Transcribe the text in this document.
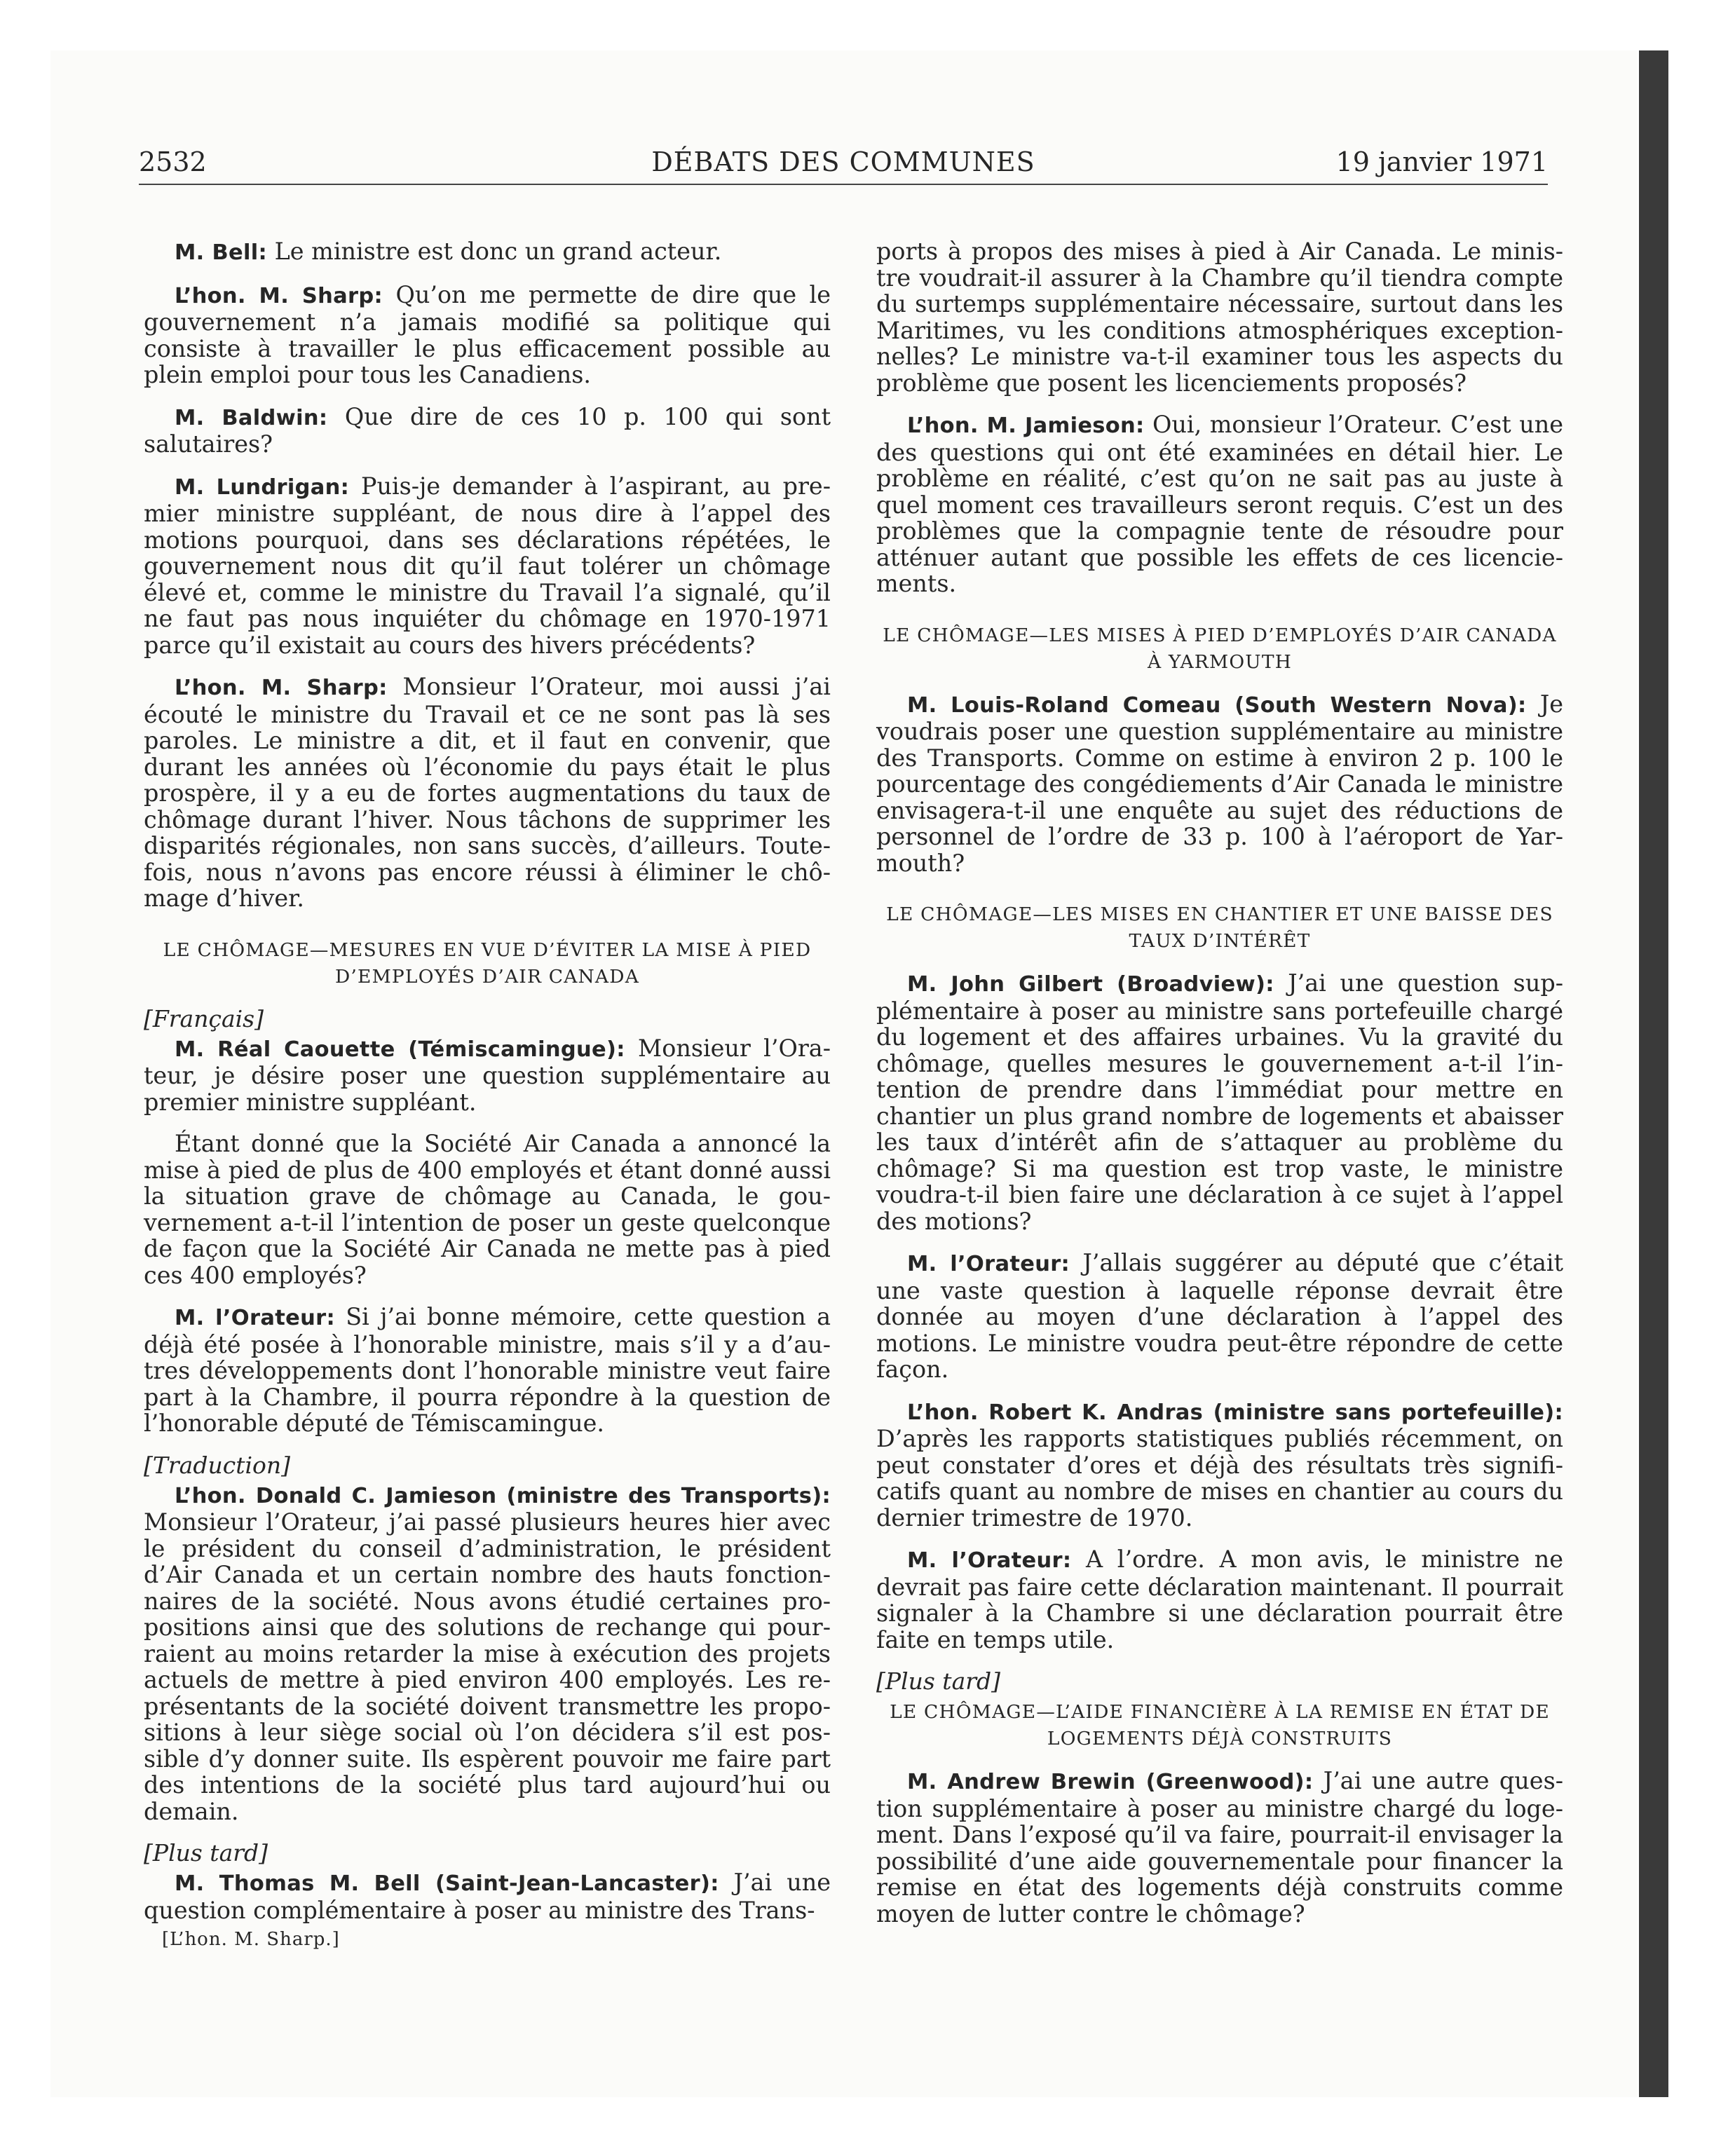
2532	DÉBATS DES COMMUNES	19 janvier 1971

M. Bell: Le ministre est donc un grand acteur.

L’hon. M. Sharp: Qu’on me permette de dire que le gouvernement n’a jamais modifié sa politique qui consiste à travailler le plus efficacement possible au plein emploi pour tous les Canadiens.

M. Baldwin: Que dire de ces 10 p. 100 qui sont salutaires?

M. Lundrigan: Puis-je demander à l’aspirant, au premier ministre suppléant, de nous dire à l’appel des motions pourquoi, dans ses déclarations répétées, le gouvernement nous dit qu’il faut tolérer un chômage élevé et, comme le ministre du Travail l’a signalé, qu’il ne faut pas nous inquiéter du chômage en 1970-1971 parce qu’il existait au cours des hivers précédents?

L’hon. M. Sharp: Monsieur l’Orateur, moi aussi j’ai écouté le ministre du Travail et ce ne sont pas là ses paroles. Le ministre a dit, et il faut en convenir, que durant les années où l’économie du pays était le plus prospère, il y a eu de fortes augmentations du taux de chômage durant l’hiver. Nous tâchons de supprimer les disparités régionales, non sans succès, d’ailleurs. Toutefois, nous n’avons pas encore réussi à éliminer le chômage d’hiver.

LE CHÔMAGE—MESURES EN VUE D’ÉVITER LA MISE À PIED D’EMPLOYÉS D’AIR CANADA
[Français]

M. Réal Caouette (Témiscamingue): Monsieur l’Orateur, je désire poser une question supplémentaire au premier ministre suppléant.

Étant donné que la Société Air Canada a annoncé la mise à pied de plus de 400 employés et étant donné aussi la situation grave de chômage au Canada, le gouvernement a-t-il l’intention de poser un geste quelconque de façon que la Société Air Canada ne mette pas à pied ces 400 employés?

M. l’Orateur: Si j’ai bonne mémoire, cette question a déjà été posée à l’honorable ministre, mais s’il y a d’autres développements dont l’honorable ministre veut faire part à la Chambre, il pourra répondre à la question de l’honorable député de Témiscamingue.

[Traduction]

L’hon. Donald C. Jamieson (ministre des Transports): Monsieur l’Orateur, j’ai passé plusieurs heures hier avec le président du conseil d’administration, le président d’Air Canada et un certain nombre des hauts fonctionnaires de la société. Nous avons étudié certaines propositions ainsi que des solutions de rechange qui pourraient au moins retarder la mise à exécution des projets actuels de mettre à pied environ 400 employés. Les représentants de la société doivent transmettre les propositions à leur siège social où l’on décidera s’il est possible d’y donner suite. Ils espèrent pouvoir me faire part des intentions de la société plus tard aujourd’hui ou demain.

[Plus tard]

M. Thomas M. Bell (Saint-Jean-Lancaster): J’ai une question complémentaire à poser au ministre des Trans-

[L’hon. M. Sharp.]

ports à propos des mises à pied à Air Canada. Le ministre voudrait-il assurer à la Chambre qu’il tiendra compte du surtemps supplémentaire nécessaire, surtout dans les Maritimes, vu les conditions atmosphériques exceptionnelles? Le ministre va-t-il examiner tous les aspects du problème que posent les licenciements proposés?

L’hon. M. Jamieson: Oui, monsieur l’Orateur. C’est une des questions qui ont été examinées en détail hier. Le problème en réalité, c’est qu’on ne sait pas au juste à quel moment ces travailleurs seront requis. C’est un des problèmes que la compagnie tente de résoudre pour atténuer autant que possible les effets de ces licenciements.

LE CHÔMAGE—LES MISES À PIED D’EMPLOYÉS D’AIR CANADA À YARMOUTH

M. Louis-Roland Comeau (South Western Nova): Je voudrais poser une question supplémentaire au ministre des Transports. Comme on estime à environ 2 p. 100 le pourcentage des congédiements d’Air Canada le ministre envisagera-t-il une enquête au sujet des réductions de personnel de l’ordre de 33 p. 100 à l’aéroport de Yarmouth?

LE CHÔMAGE—LES MISES EN CHANTIER ET UNE BAISSE DES TAUX D’INTÉRÊT

M. John Gilbert (Broadview): J’ai une question supplémentaire à poser au ministre sans portefeuille chargé du logement et des affaires urbaines. Vu la gravité du chômage, quelles mesures le gouvernement a-t-il l’intention de prendre dans l’immédiat pour mettre en chantier un plus grand nombre de logements et abaisser les taux d’intérêt afin de s’attaquer au problème du chômage? Si ma question est trop vaste, le ministre voudra-t-il bien faire une déclaration à ce sujet à l’appel des motions?

M. l’Orateur: J’allais suggérer au député que c’était une vaste question à laquelle réponse devrait être donnée au moyen d’une déclaration à l’appel des motions. Le ministre voudra peut-être répondre de cette façon.

L’hon. Robert K. Andras (ministre sans portefeuille): D’après les rapports statistiques publiés récemment, on peut constater d’ores et déjà des résultats très significatifs quant au nombre de mises en chantier au cours du dernier trimestre de 1970.

M. l’Orateur: A l’ordre. A mon avis, le ministre ne devrait pas faire cette déclaration maintenant. Il pourrait signaler à la Chambre si une déclaration pourrait être faite en temps utile.

[Plus tard]
LE CHÔMAGE—L’AIDE FINANCIÈRE À LA REMISE EN ÉTAT DE LOGEMENTS DÉJÀ CONSTRUITS

M. Andrew Brewin (Greenwood): J’ai une autre question supplémentaire à poser au ministre chargé du logement. Dans l’exposé qu’il va faire, pourrait-il envisager la possibilité d’une aide gouvernementale pour financer la remise en état des logements déjà construits comme moyen de lutter contre le chômage?
